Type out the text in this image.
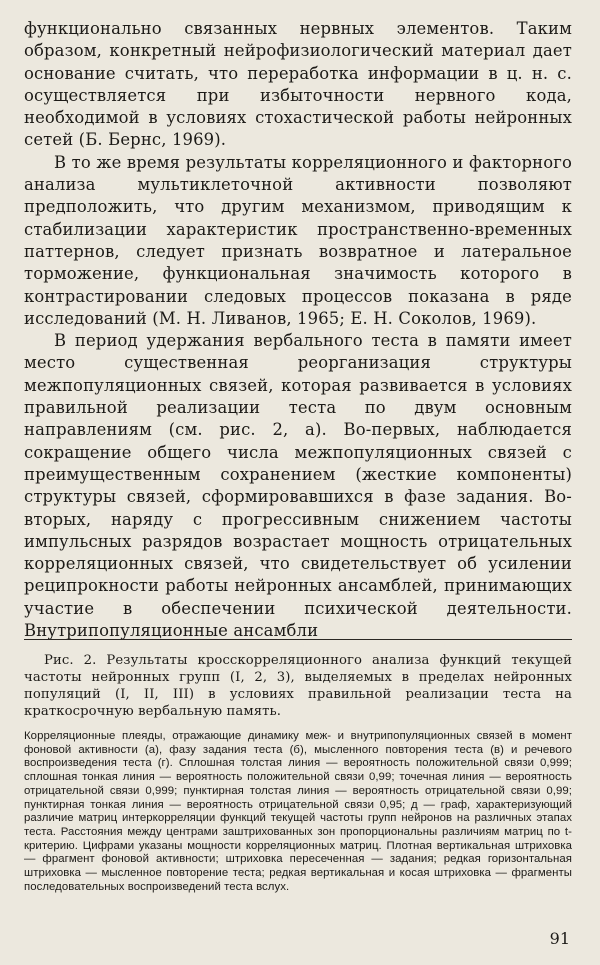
функционально связанных нервных элементов. Таким образом, конкретный нейрофизиологический материал дает основание считать, что переработка информации в ц. н. с. осуществляется при избыточности нервного кода, необходимой в условиях стохастической работы нейронных сетей (Б. Бернс, 1969).

В то же время результаты корреляционного и факторного анализа мультиклеточной активности позволяют предположить, что другим механизмом, приводящим к стабилизации характеристик пространственно-временных паттернов, следует признать возвратное и латеральное торможение, функциональная значимость которого в контрастировании следовых процессов показана в ряде исследований (М. Н. Ливанов, 1965; Е. Н. Соколов, 1969).

В период удержания вербального теста в памяти имеет место существенная реорганизация структуры межпопуляционных связей, которая развивается в условиях правильной реализации теста по двум основным направлениям (см. рис. 2, а). Во-первых, наблюдается сокращение общего числа межпопуляционных связей с преимущественным сохранением (жесткие компоненты) структуры связей, сформировавшихся в фазе задания. Во-вторых, наряду с прогрессивным снижением частоты импульсных разрядов возрастает мощность отрицательных корреляционных связей, что свидетельствует об усилении реципрокности работы нейронных ансамблей, принимающих участие в обеспечении психической деятельности. Внутрипопуляционные ансамбли

Рис. 2. Результаты кросскорреляционного анализа функций текущей частоты нейронных групп (I, 2, 3), выделяемых в пределах нейронных популяций (I, II, III) в условиях правильной реализации теста на краткосрочную вербальную память.

Корреляционные плеяды, отражающие динамику меж- и внутрипопуляционных связей в момент фоновой активности (а), фазу задания теста (б), мысленного повторения теста (в) и речевого воспроизведения теста (г). Сплошная толстая линия — вероятность положительной связи 0,999; сплошная тонкая линия — вероятность положительной связи 0,99; точечная линия — вероятность отрицательной связи 0,999; пунктирная толстая линия — вероятность отрицательной связи 0,99; пунктирная тонкая линия — вероятность отрицательной связи 0,95; д — граф, характеризующий различие матриц интеркорреляции функций текущей частоты групп нейронов на различных этапах теста. Расстояния между центрами заштрихованных зон пропорциональны различиям матриц по t-критерию. Цифрами указаны мощности корреляционных матриц. Плотная вертикальная штриховка — фрагмент фоновой активности; штриховка пересеченная — задания; редкая горизонтальная штриховка — мысленное повторение теста; редкая вертикальная и косая штриховка — фрагменты последовательных воспроизведений теста вслух.

91
